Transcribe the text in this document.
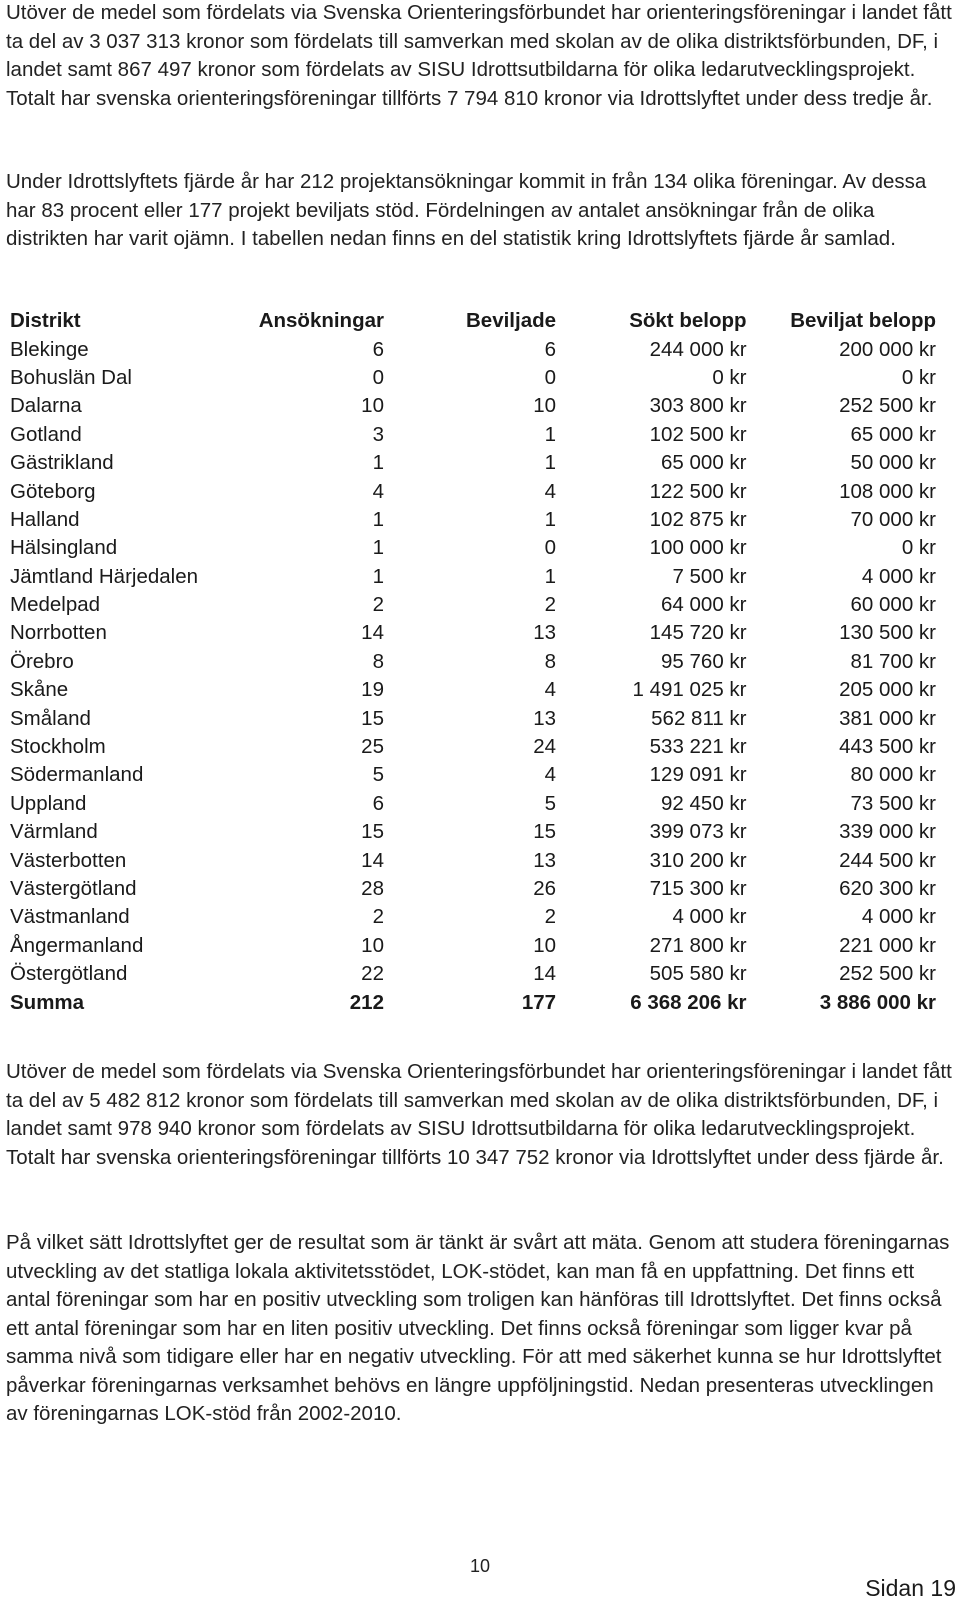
Utöver de medel som fördelats via Svenska Orienteringsförbundet har orienteringsföreningar i landet fått ta del av 3 037 313 kronor som fördelats till samverkan med skolan av de olika distriktsförbunden, DF, i landet samt 867 497 kronor som fördelats av SISU Idrottsutbildarna för olika ledarutvecklingsprojekt. Totalt har svenska orienteringsföreningar tillförts 7 794 810 kronor via Idrottslyftet under dess tredje år.

Under Idrottslyftets fjärde år har 212 projektansökningar kommit in från 134 olika föreningar. Av dessa har 83 procent eller 177 projekt beviljats stöd. Fördelningen av antalet ansökningar från de olika distrikten har varit ojämn. I tabellen nedan finns en del statistik kring Idrottslyftets fjärde år samlad.

Distrikt	Ansökningar	Beviljade	Sökt belopp	Beviljat belopp
Blekinge	6	6	244 000 kr	200 000 kr
Bohuslän Dal	0	0	0 kr	0 kr
Dalarna	10	10	303 800 kr	252 500 kr
Gotland	3	1	102 500 kr	65 000 kr
Gästrikland	1	1	65 000 kr	50 000 kr
Göteborg	4	4	122 500 kr	108 000 kr
Halland	1	1	102 875 kr	70 000 kr
Hälsingland	1	0	100 000 kr	0 kr
Jämtland Härjedalen	1	1	7 500 kr	4 000 kr
Medelpad	2	2	64 000 kr	60 000 kr
Norrbotten	14	13	145 720 kr	130 500 kr
Örebro	8	8	95 760 kr	81 700 kr
Skåne	19	4	1 491 025 kr	205 000 kr
Småland	15	13	562 811 kr	381 000 kr
Stockholm	25	24	533 221 kr	443 500 kr
Södermanland	5	4	129 091 kr	80 000 kr
Uppland	6	5	92 450 kr	73 500 kr
Värmland	15	15	399 073 kr	339 000 kr
Västerbotten	14	13	310 200 kr	244 500 kr
Västergötland	28	26	715 300 kr	620 300 kr
Västmanland	2	2	4 000 kr	4 000 kr
Ångermanland	10	10	271 800 kr	221 000 kr
Östergötland	22	14	505 580 kr	252 500 kr
Summa	212	177	6 368 206 kr	3 886 000 kr

Utöver de medel som fördelats via Svenska Orienteringsförbundet har orienteringsföreningar i landet fått ta del av 5 482 812 kronor som fördelats till samverkan med skolan av de olika distriktsförbunden, DF, i landet samt 978 940 kronor som fördelats av SISU Idrottsutbildarna för olika ledarutvecklingsprojekt. Totalt har svenska orienteringsföreningar tillförts 10 347 752 kronor via Idrottslyftet under dess fjärde år.

På vilket sätt Idrottslyftet ger de resultat som är tänkt är svårt att mäta. Genom att studera föreningarnas utveckling av det statliga lokala aktivitetsstödet, LOK-stödet, kan man få en uppfattning. Det finns ett antal föreningar som har en positiv utveckling som troligen kan hänföras till Idrottslyftet. Det finns också ett antal föreningar som har en liten positiv utveckling. Det finns också föreningar som ligger kvar på samma nivå som tidigare eller har en negativ utveckling. För att med säkerhet kunna se hur Idrottslyftet påverkar föreningarnas verksamhet behövs en längre uppföljningstid. Nedan presenteras utvecklingen av föreningarnas LOK-stöd från 2002-2010.

10
Sidan 19
